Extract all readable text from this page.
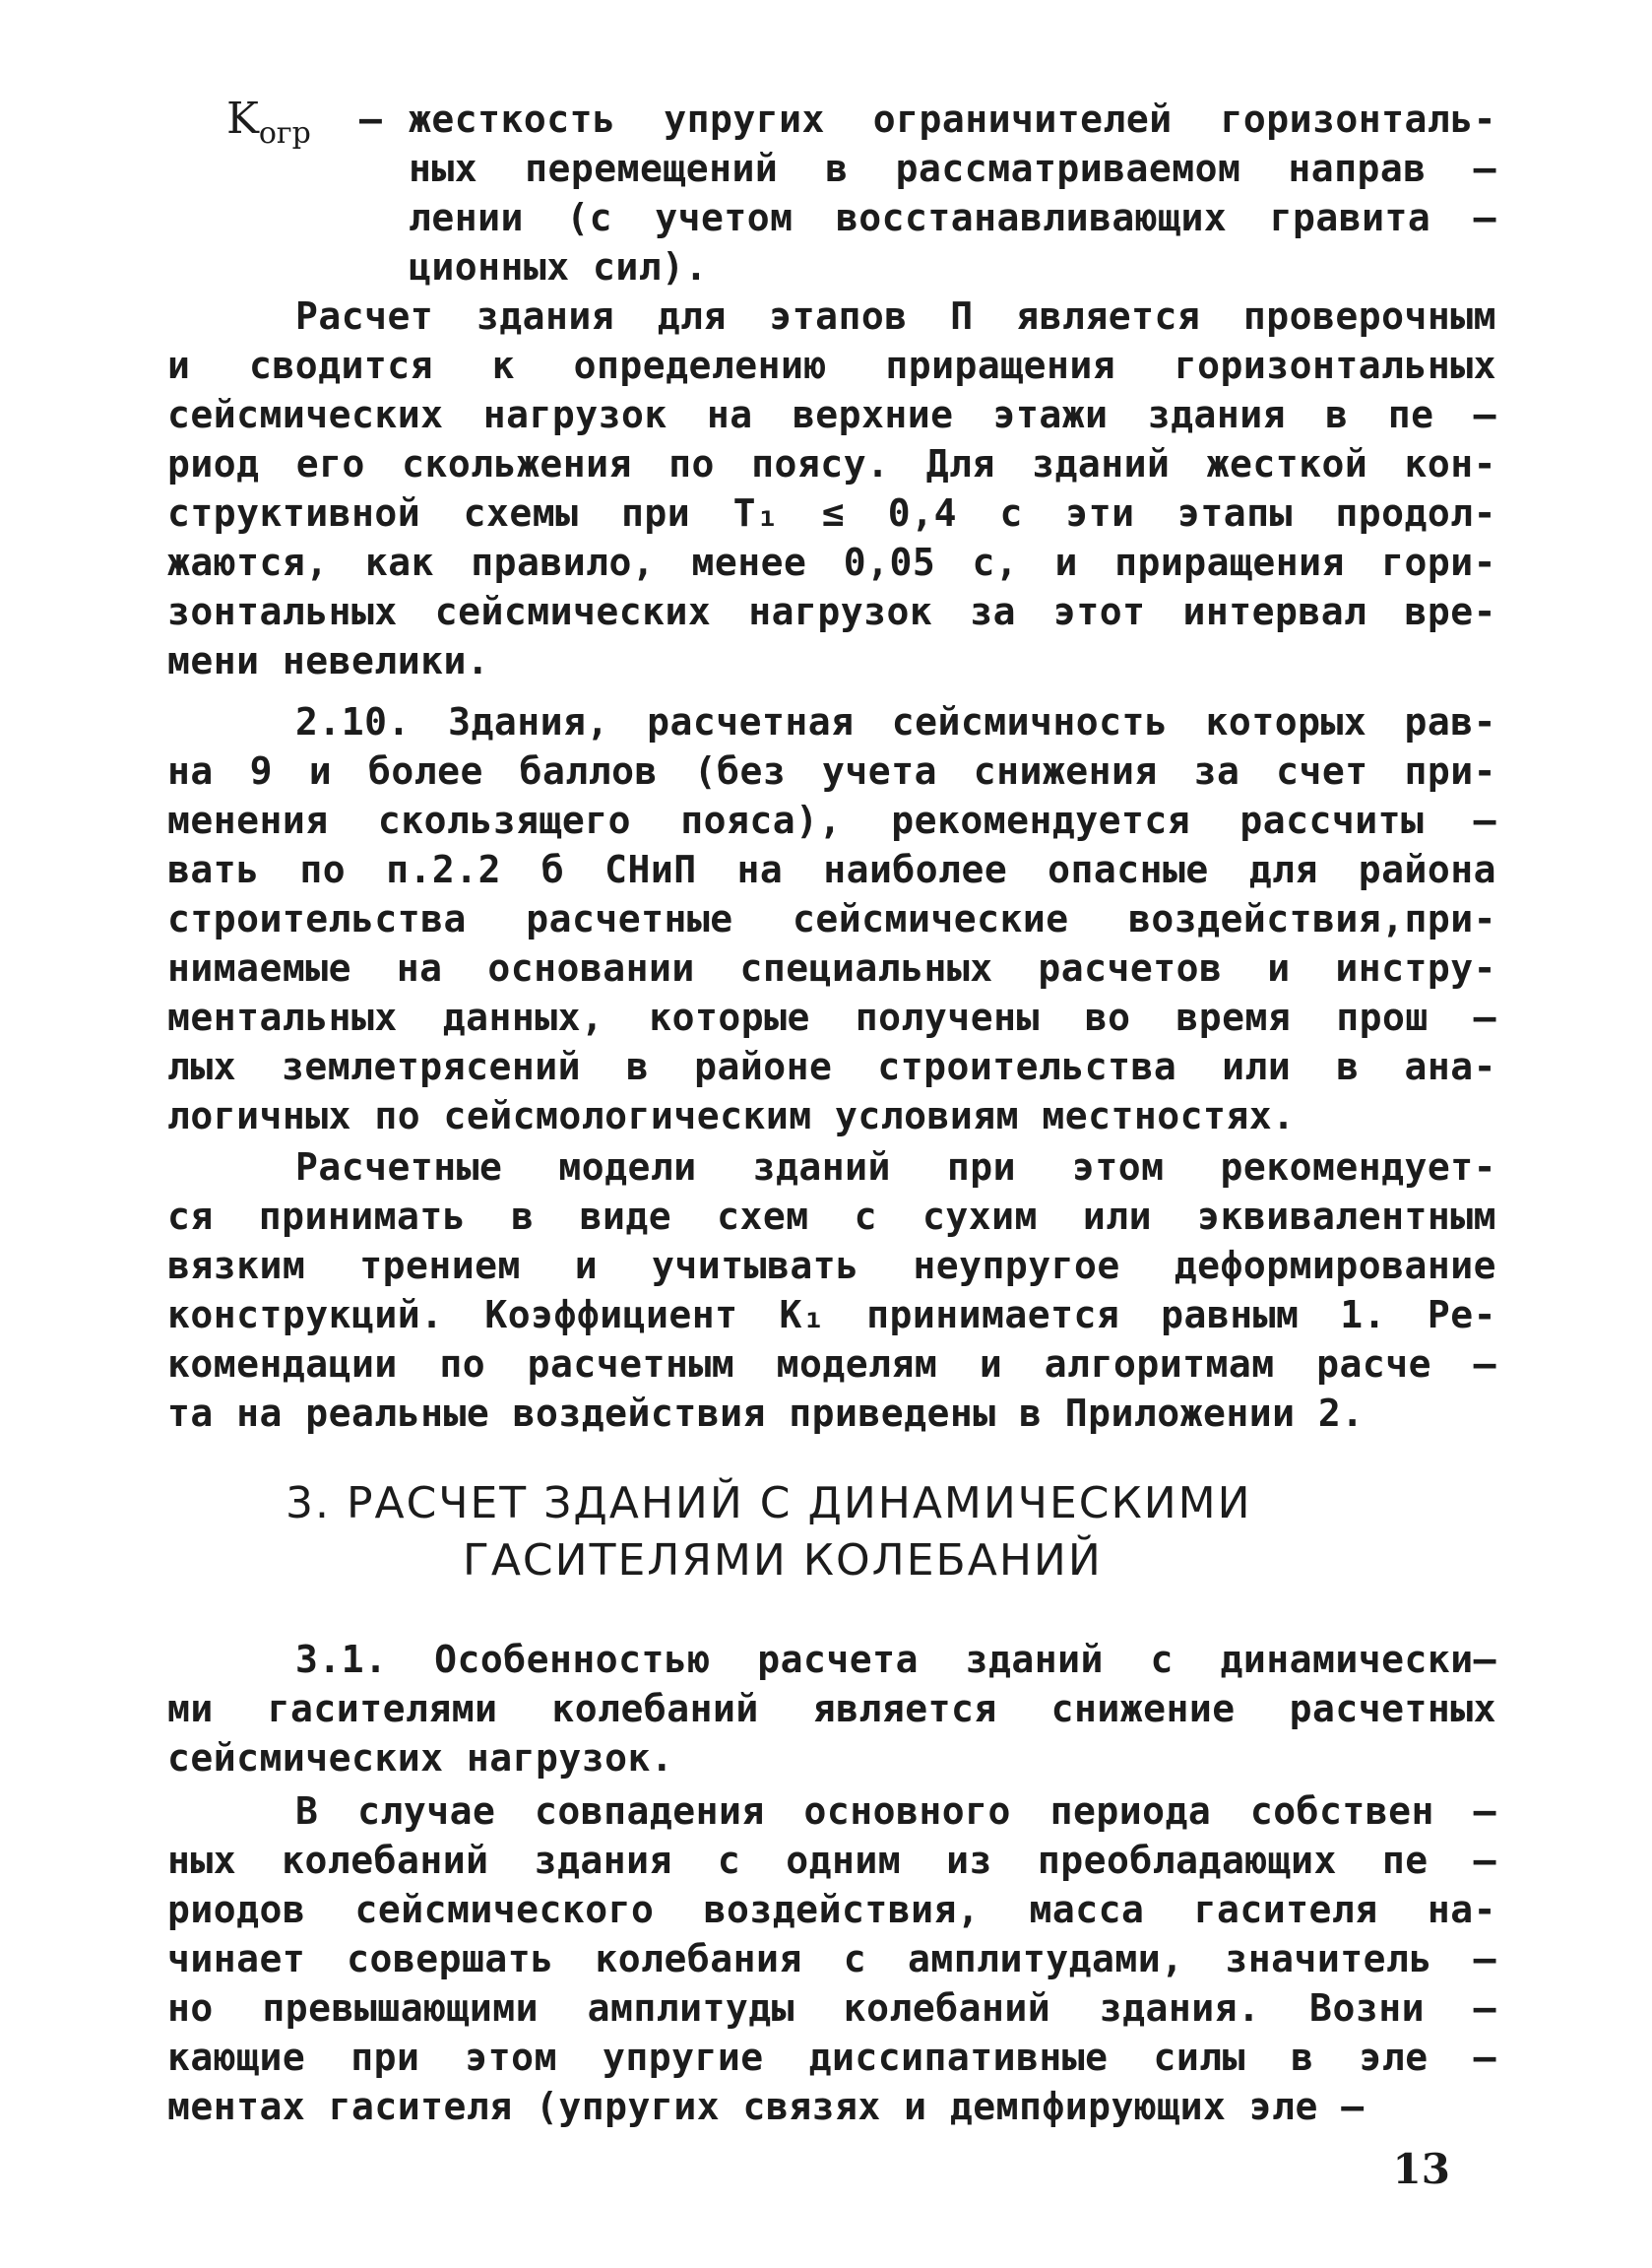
$K_{огр}$ – жесткость упругих ограничителей горизонталь-
ных перемещений в рассматриваемом направ –
лении (с учетом восстанавливающих гравита –
ционных сил).
Расчет здания для этапов П является проверочным
и сводится к определению приращения горизонтальных
сейсмических нагрузок на верхние этажи здания в пе –
риод его скольжения по поясу. Для зданий жесткой кон-
структивной схемы при T₁ ≤ 0,4 с эти этапы продол-
жаются, как правило, менее 0,05 с, и приращения гори-
зонтальных сейсмических нагрузок за этот интервал вре-
мени невелики.
2.10. Здания, расчетная сейсмичность которых рав-
на 9 и более баллов (без учета снижения за счет при-
менения скользящего пояса), рекомендуется рассчиты –
вать по п.2.2 б СНиП на наиболее опасные для района
строительства расчетные сейсмические воздействия,при-
нимаемые на основании специальных расчетов и инстру-
ментальных данных, которые получены во время прош –
лых землетрясений в районе строительства или в ана-
логичных по сейсмологическим условиям местностях.
Расчетные модели зданий при этом рекомендует-
ся принимать в виде схем с сухим или эквивалентным
вязким трением и учитывать неупругое деформирование
конструкций. Коэффициент K₁ принимается равным 1. Ре-
комендации по расчетным моделям и алгоритмам расче –
та на реальные воздействия приведены в Приложении 2.
3. РАСЧЕТ ЗДАНИЙ С ДИНАМИЧЕСКИМИ
ГАСИТЕЛЯМИ КОЛЕБАНИЙ
3.1. Особенностью расчета зданий с динамически–
ми гасителями колебаний является снижение расчетных
сейсмических нагрузок.
В случае совпадения основного периода собствен –
ных колебаний здания с одним из преобладающих пе –
риодов сейсмического воздействия, масса гасителя на-
чинает совершать колебания с амплитудами, значитель –
но превышающими амплитуды колебаний здания. Возни –
кающие при этом упругие диссипативные силы в эле –
ментах гасителя (упругих связях и демпфирующих эле –
13
